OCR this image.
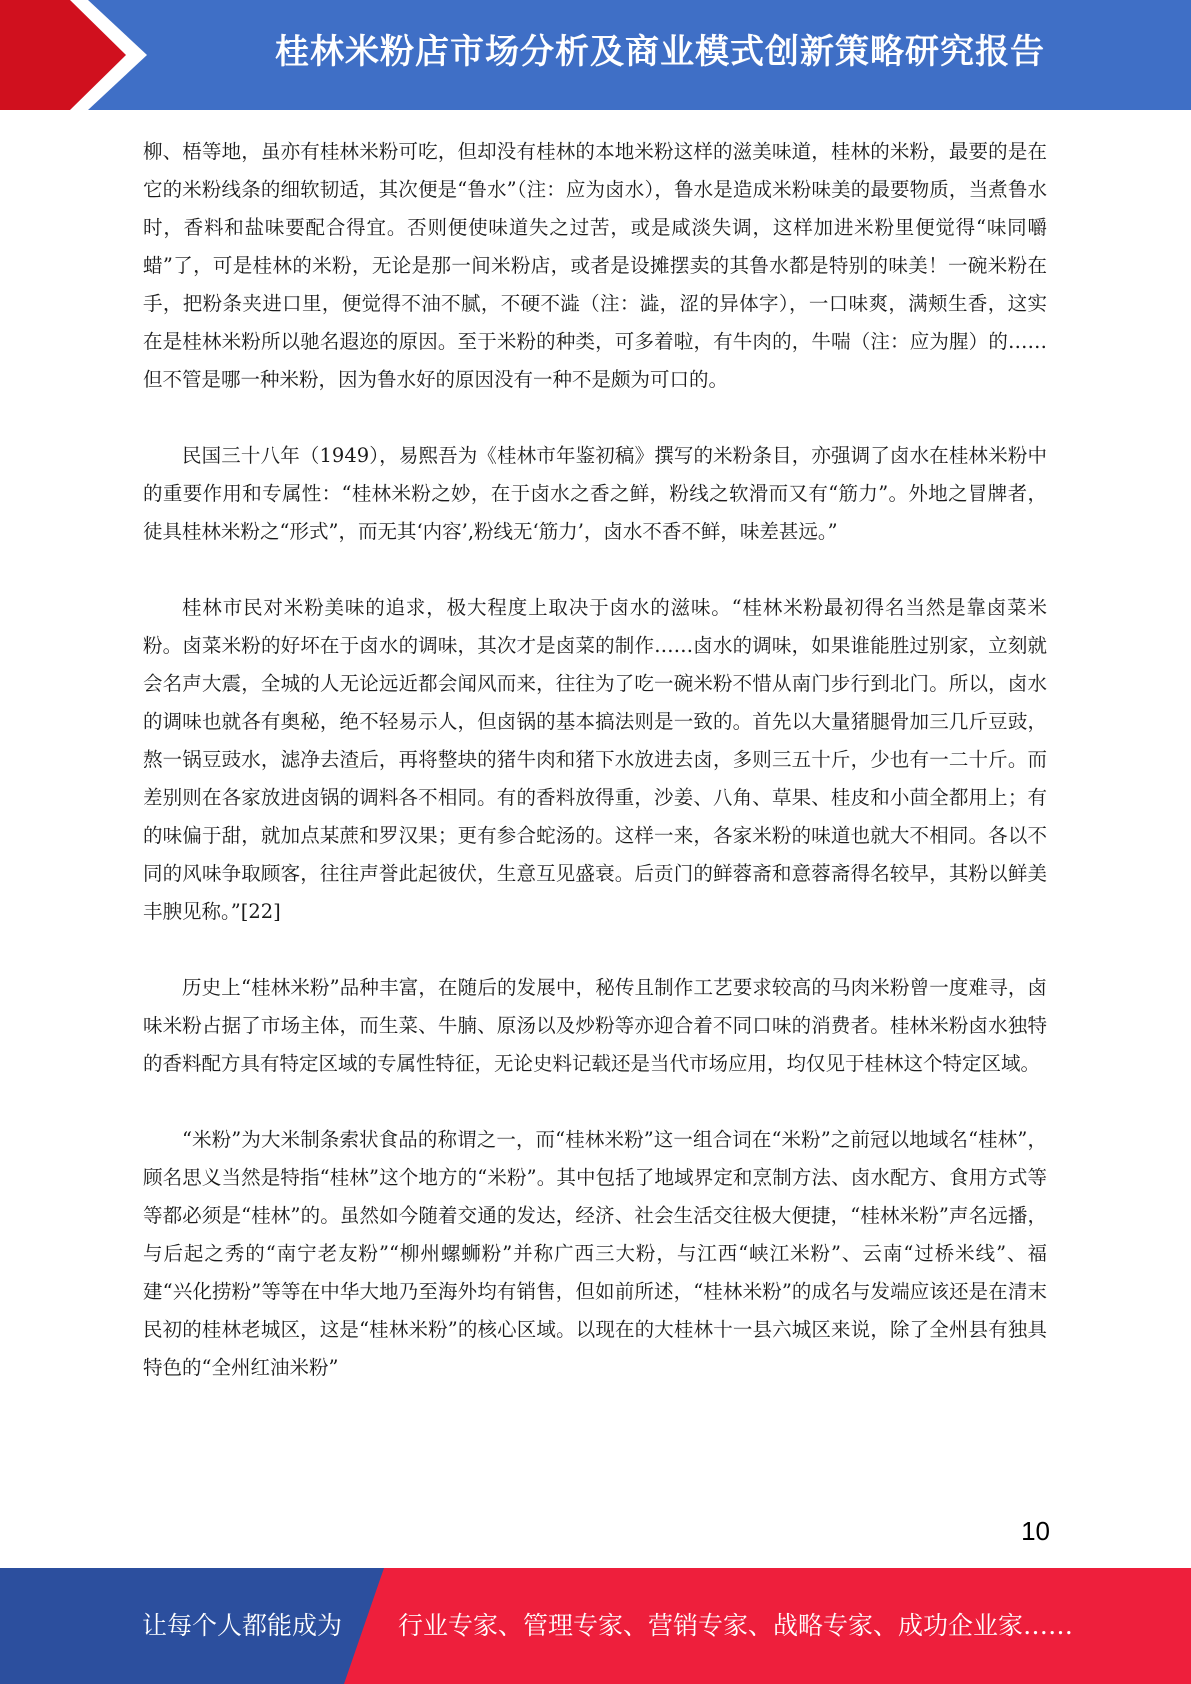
桂林米粉店市场分析及商业模式创新策略研究报告

柳、梧等地，虽亦有桂林米粉可吃，但却没有桂林的本地米粉这样的滋美味道，桂林的米粉，最要的是在它的米粉线条的细软韧适，其次便是“鲁水”（注：应为卤水），鲁水是造成米粉味美的最要物质，当煮鲁水时，香料和盐味要配合得宜。否则便使味道失之过苦，或是咸淡失调，这样加进米粉里便觉得“味同嚼蜡”了，可是桂林的米粉，无论是那一间米粉店，或者是设摊摆卖的其鲁水都是特别的味美！一碗米粉在手，把粉条夹进口里，便觉得不油不腻，不硬不澁（注：澁，涩的异体字），一口味爽，满颊生香，这实在是桂林米粉所以驰名遐迩的原因。至于米粉的种类，可多着啦，有牛肉的，牛喘（注：应为腥）的……但不管是哪一种米粉，因为鲁水好的原因没有一种不是颇为可口的。

民国三十八年（1949），易熙吾为《桂林市年鉴初稿》撰写的米粉条目，亦强调了卤水在桂林米粉中的重要作用和专属性：“桂林米粉之妙，在于卤水之香之鲜，粉线之软滑而又有“筋力”。外地之冒牌者，徒具桂林米粉之“形式”，而无其‘内容’,粉线无‘筋力’，卤水不香不鲜，味差甚远。”

桂林市民对米粉美味的追求，极大程度上取决于卤水的滋味。“桂林米粉最初得名当然是靠卤菜米粉。卤菜米粉的好坏在于卤水的调味，其次才是卤菜的制作……卤水的调味，如果谁能胜过别家，立刻就会名声大震，全城的人无论远近都会闻风而来，往往为了吃一碗米粉不惜从南门步行到北门。所以，卤水的调味也就各有奥秘，绝不轻易示人，但卤锅的基本搞法则是一致的。首先以大量猪腿骨加三几斤豆豉，熬一锅豆豉水，滤净去渣后，再将整块的猪牛肉和猪下水放进去卤，多则三五十斤，少也有一二十斤。而差别则在各家放进卤锅的调料各不相同。有的香料放得重，沙姜、八角、草果、桂皮和小茴全都用上；有的味偏于甜，就加点某蔗和罗汉果；更有参合蛇汤的。这样一来，各家米粉的味道也就大不相同。各以不同的风味争取顾客，往往声誉此起彼伏，生意互见盛衰。后贡门的鲜蓉斋和意蓉斋得名较早，其粉以鲜美丰腴见称。”[22]

历史上“桂林米粉”品种丰富，在随后的发展中，秘传且制作工艺要求较高的马肉米粉曾一度难寻，卤味米粉占据了市场主体，而生菜、牛腩、原汤以及炒粉等亦迎合着不同口味的消费者。桂林米粉卤水独特的香料配方具有特定区域的专属性特征，无论史料记载还是当代市场应用，均仅见于桂林这个特定区域。

“米粉”为大米制条索状食品的称谓之一，而“桂林米粉”这一组合词在“米粉”之前冠以地域名“桂林”，顾名思义当然是特指“桂林”这个地方的“米粉”。其中包括了地域界定和烹制方法、卤水配方、食用方式等等都必须是“桂林”的。虽然如今随着交通的发达，经济、社会生活交往极大便捷，“桂林米粉”声名远播，与后起之秀的“南宁老友粉”“柳州螺蛳粉”并称广西三大粉，与江西“峡江米粉”、云南“过桥米线”、福建“兴化捞粉”等等在中华大地乃至海外均有销售，但如前所述，“桂林米粉”的成名与发端应该还是在清末民初的桂林老城区，这是“桂林米粉”的核心区域。以现在的大桂林十一县六城区来说，除了全州县有独具特色的“全州红油米粉”

10
让每个人都能成为 行业专家、管理专家、营销专家、战略专家、成功企业家……
